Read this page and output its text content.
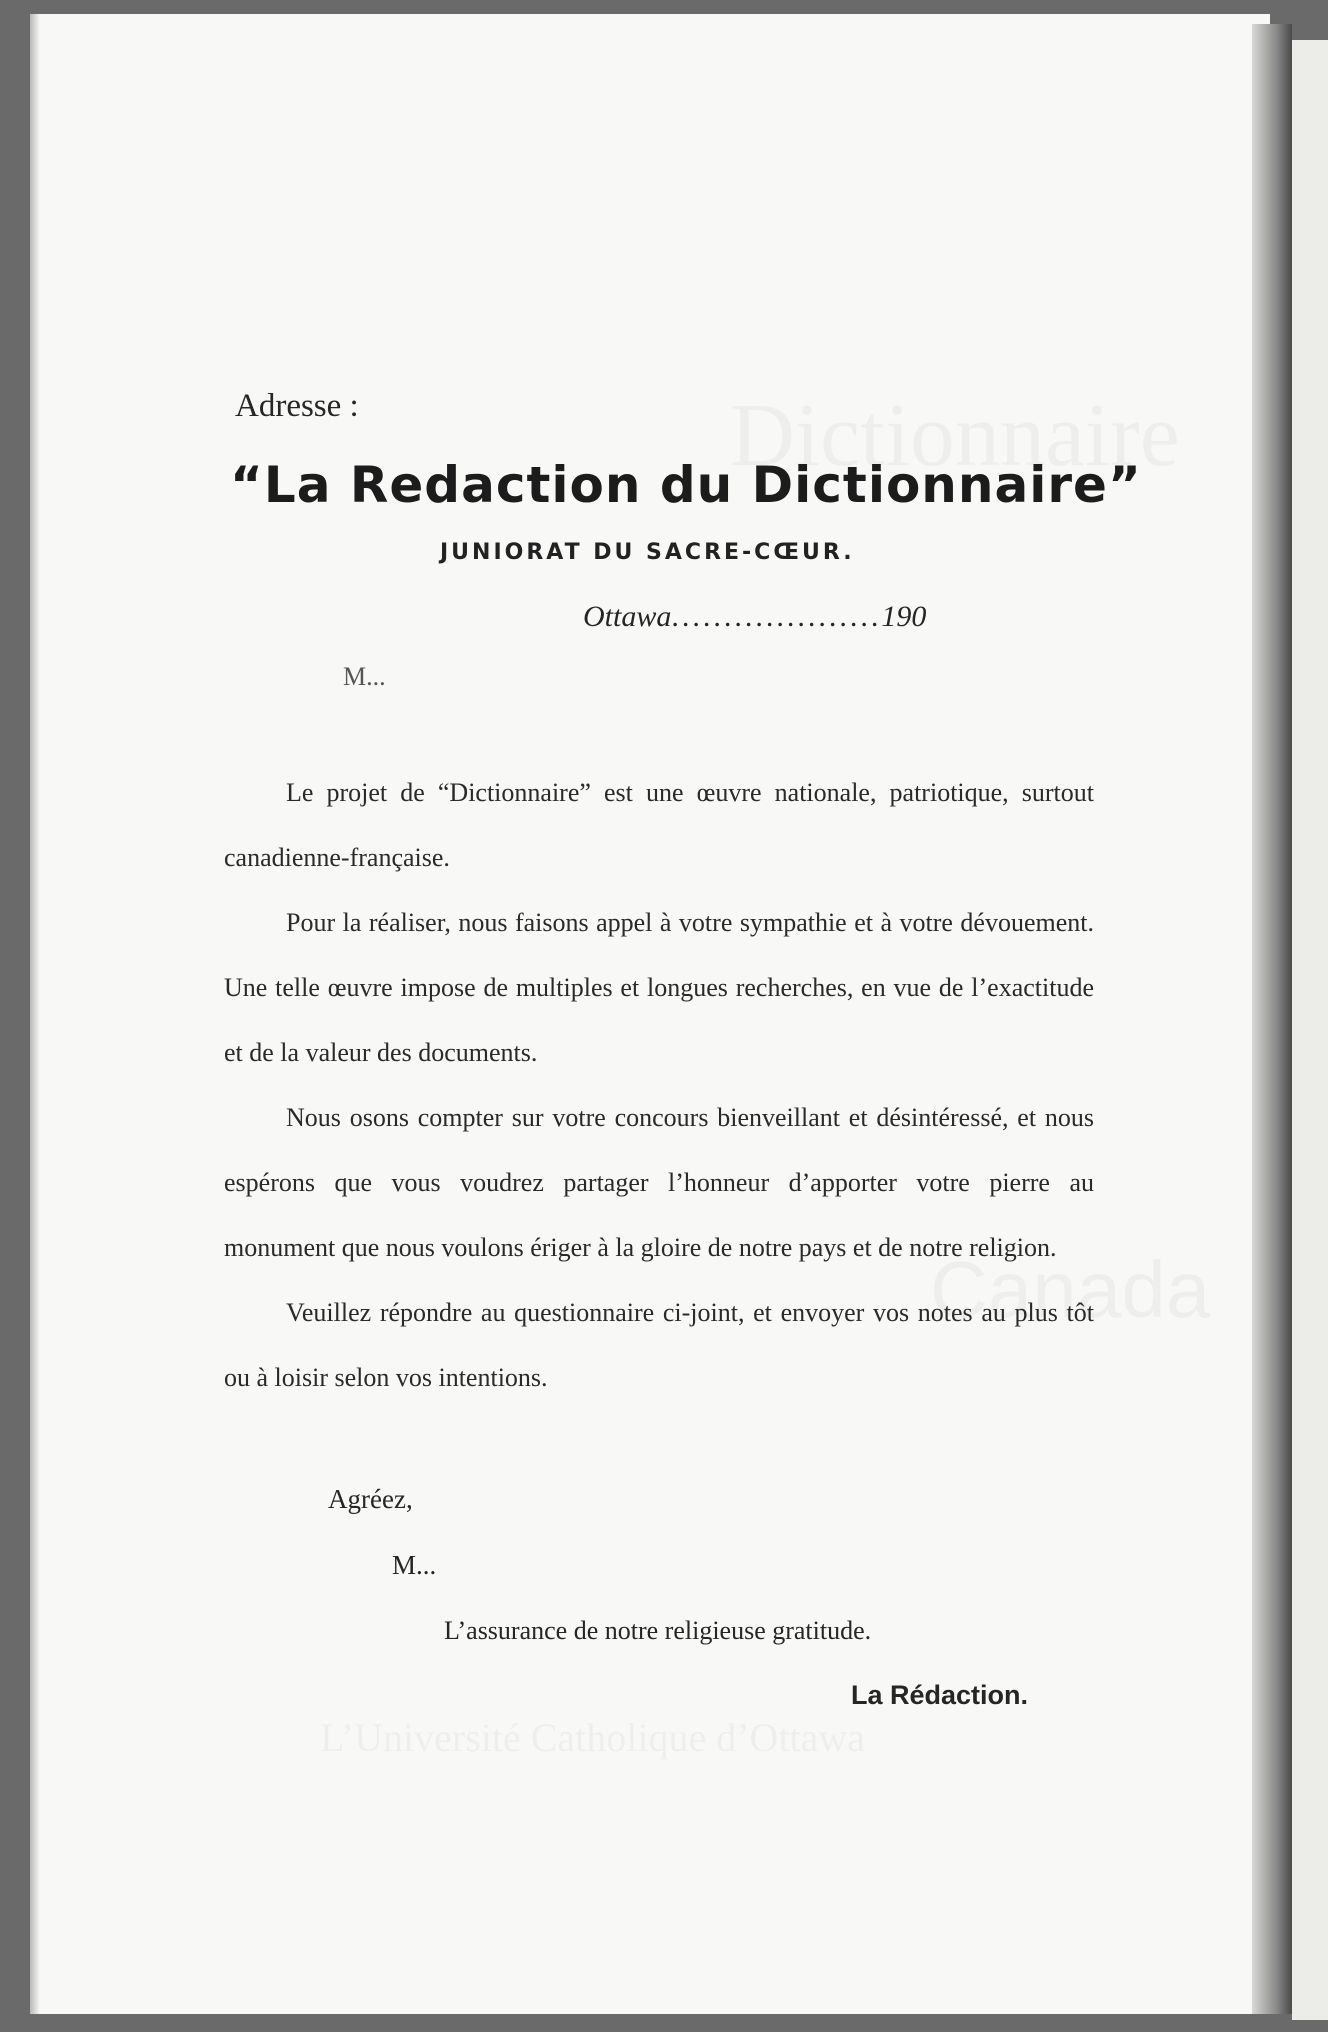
Adresse :
“La Redaction du Dictionnaire”
JUNIORAT DU SACRE-CŒUR.
Ottawa....................190
M...

Le projet de “Dictionnaire” est une œuvre nationale, patriotique, surtout canadienne-française.

Pour la réaliser, nous faisons appel à votre sympathie et à votre dévouement. Une telle œuvre impose de multiples et longues recherches, en vue de l’exactitude et de la valeur des documents.

Nous osons compter sur votre concours bienveillant et désintéressé, et nous espérons que vous voudrez partager l’honneur d’apporter votre pierre au monument que nous voulons ériger à la gloire de notre pays et de notre religion.

Veuillez répondre au questionnaire ci-joint, et envoyer vos notes au plus tôt ou à loisir selon vos intentions.

Agréez,
M...
L’assurance de notre religieuse gratitude.
La Rédaction.
